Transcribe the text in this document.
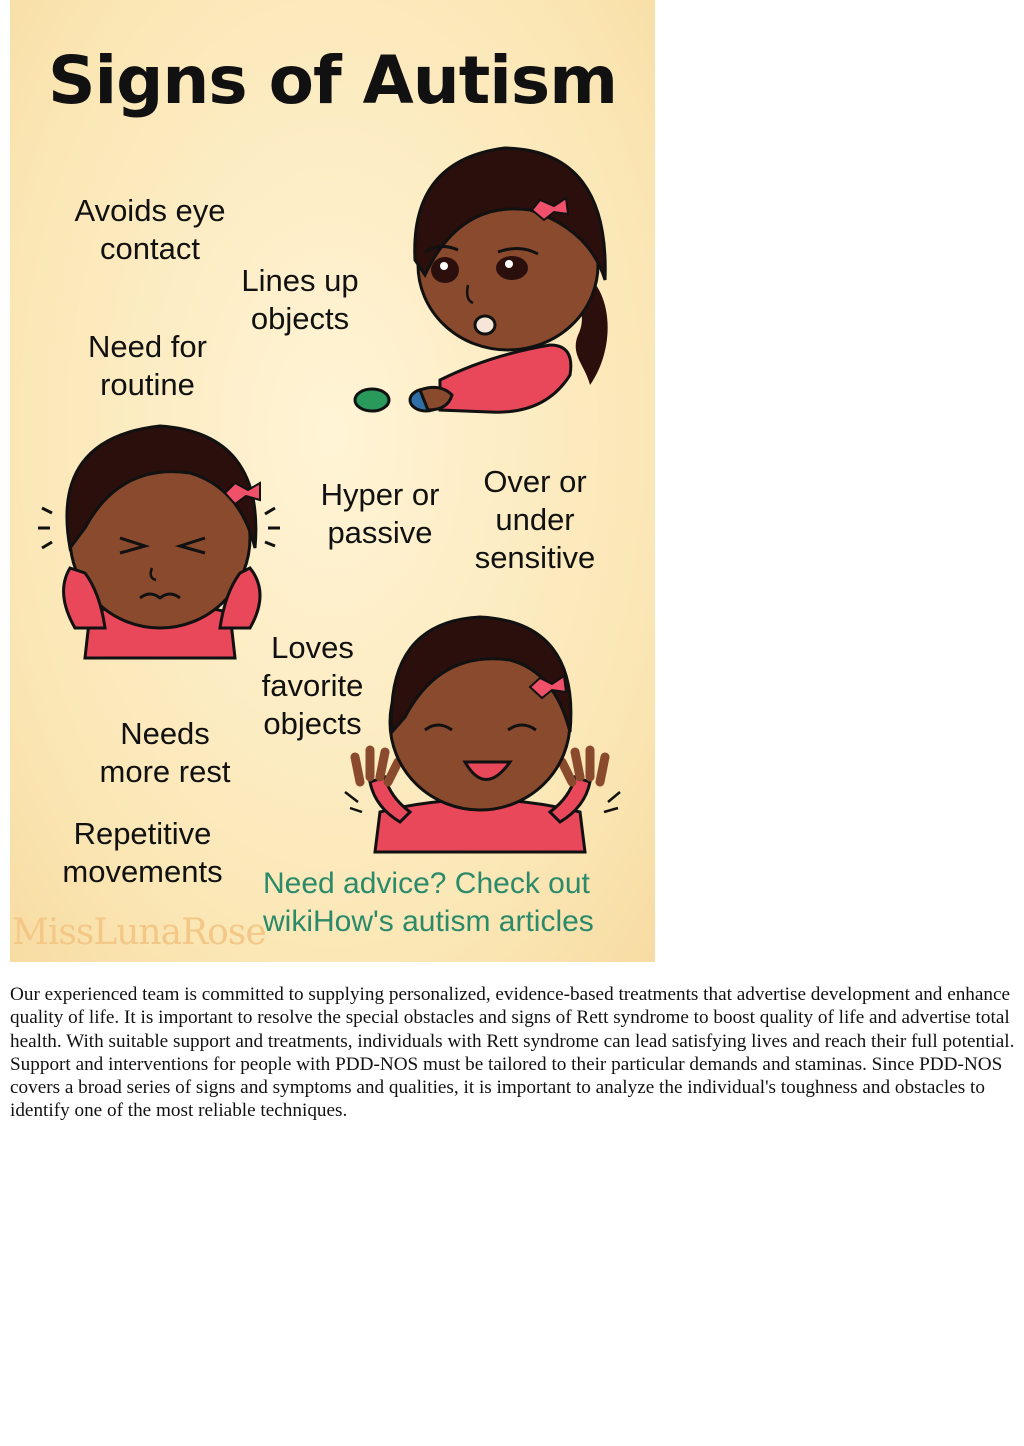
Signs of Autism
Avoids eye
contact
Lines up
objects
Need for
routine
Hyper or
passive
Over or
under
sensitive
Loves
favorite
objects
Needs
more rest
Repetitive
movements Need advice? Check out
wikiHow's autism articles
MissLunaRose

Our experienced team is committed to supplying personalized, evidence-based treatments that advertise development and enhance quality of life. It is important to resolve the special obstacles and signs of Rett syndrome to boost quality of life and advertise total health. With suitable support and treatments, individuals with Rett syndrome can lead satisfying lives and reach their full potential. Support and interventions for people with PDD-NOS must be tailored to their particular demands and staminas. Since PDD-NOS covers a broad series of signs and symptoms and qualities, it is important to analyze the individual's toughness and obstacles to identify one of the most reliable techniques.
